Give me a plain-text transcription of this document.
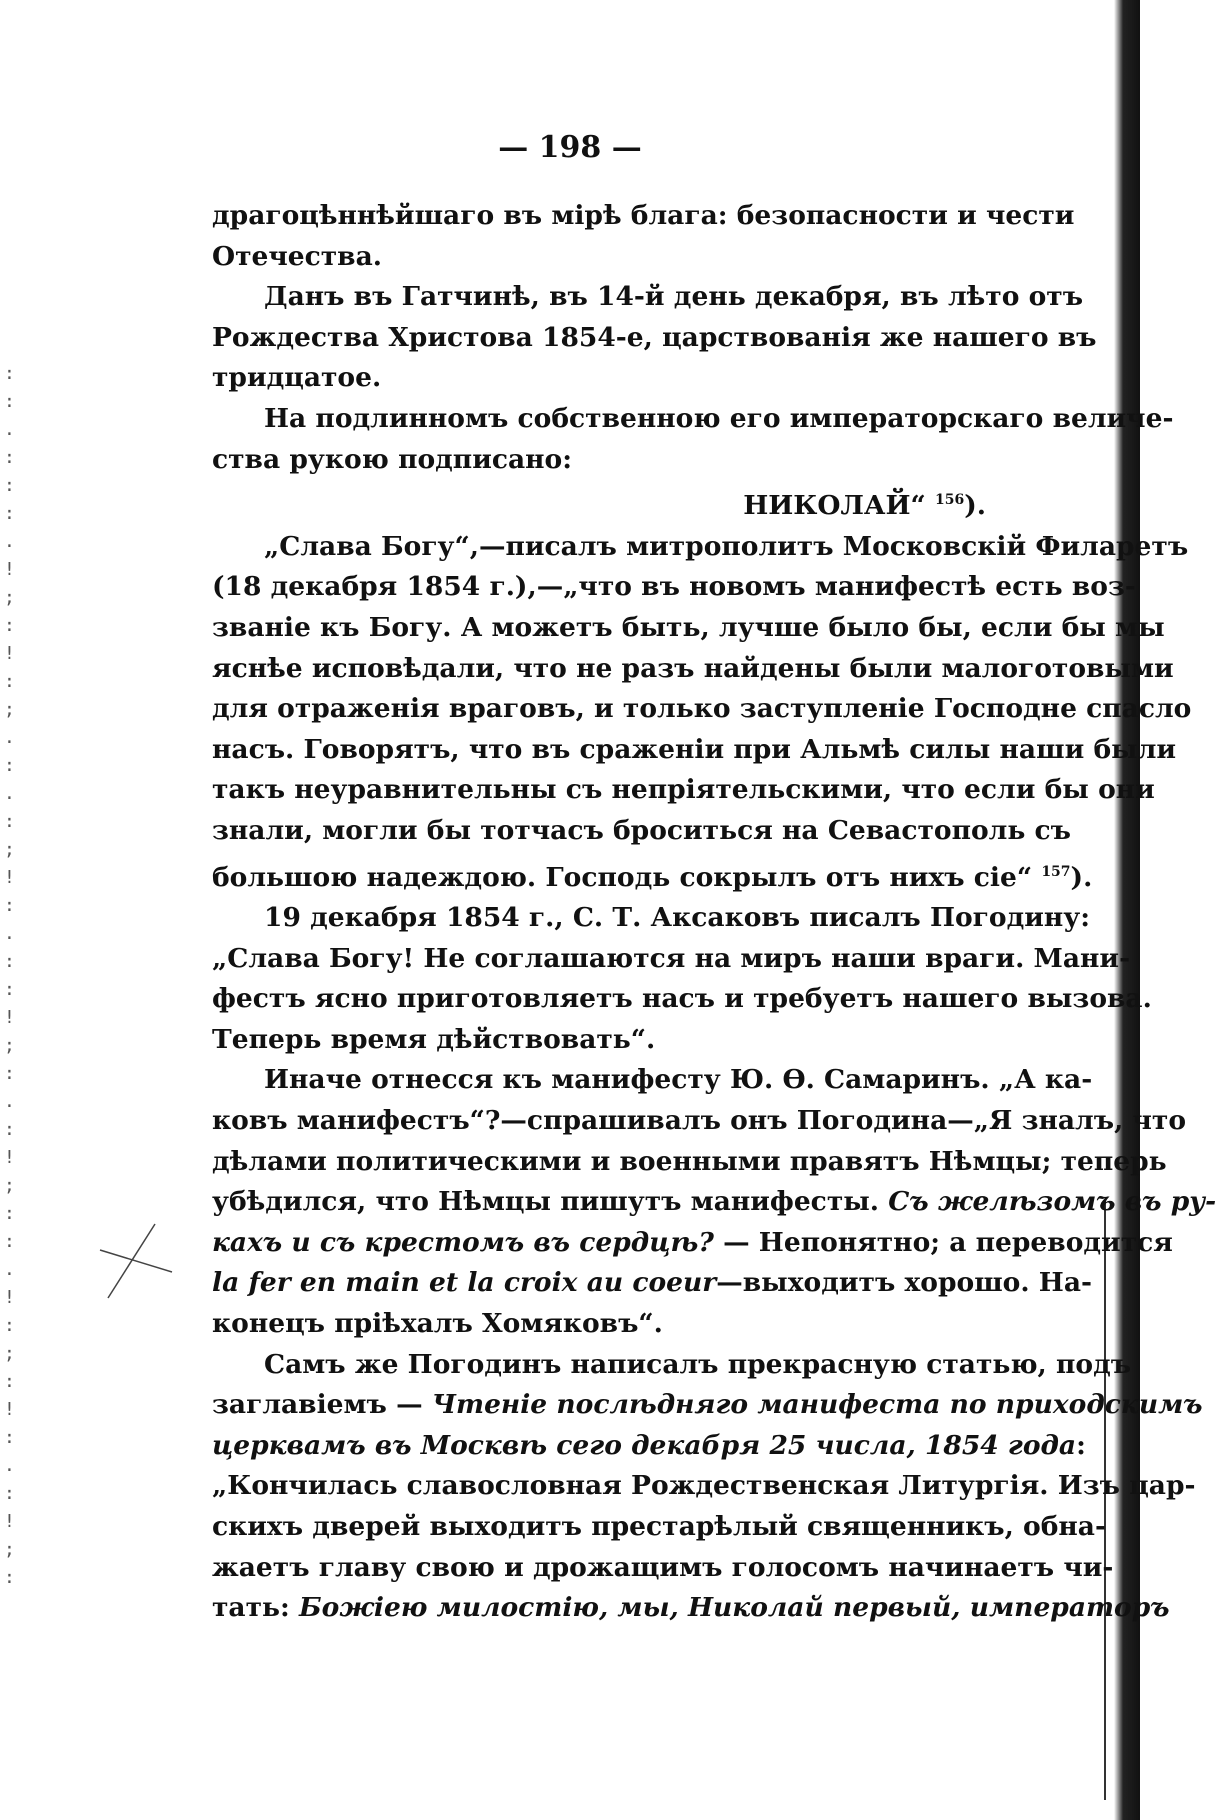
:
:
.
:
:
:
.
!
;
:
!
:
;
.
:
.
:
;
!
:
.
:
:
!
;
:
.
:
!
;
:
:
.
!
:
;
:
!
:
.
:
!
;
:
— 198 —
драгоцѣннѣйшаго въ мірѣ блага: безопасности и чести
Отечества.
Данъ въ Гатчинѣ, въ 14-й день декабря, въ лѣто отъ
Рождества Христова 1854-е, царствованія же нашего въ
тридцатое.
На подлинномъ собственною его императорскаго величе-
ства рукою подписано:
НИКОЛАЙ“ $^{156}$).
„Слава Богу“,—писалъ митрополитъ Московскій Филаретъ
(18 декабря 1854 г.),—„что въ новомъ манифестѣ есть воз-
званіе къ Богу. А можетъ быть, лучше было бы, если бы мы
яснѣе исповѣдали, что не разъ найдены были малоготовыми
для отраженія враговъ, и только заступленіе Господне спасло
насъ. Говорятъ, что въ сраженіи при Альмѣ силы наши были
такъ неуравнительны съ непріятельскими, что если бы они
знали, могли бы тотчасъ броситься на Севастополь съ
большою надеждою. Господь сокрылъ отъ нихъ сіе“ $^{157}$).
19 декабря 1854 г., С. Т. Аксаковъ писалъ Погодину:
„Слава Богу! Не соглашаются на миръ наши враги. Мани-
фестъ ясно приготовляетъ насъ и требуетъ нашего вызова.
Теперь время дѣйствовать“.
Иначе отнесся къ манифесту Ю. Ѳ. Самаринъ. „А ка-
ковъ манифестъ“?—спрашивалъ онъ Погодина—„Я зналъ, что
дѣлами политическими и военными правятъ Нѣмцы; теперь
убѣдился, что Нѣмцы пишутъ манифесты. Съ желѣзомъ въ ру-
кахъ и съ крестомъ въ сердцѣ? — Непонятно; а переводится
la fer en main et la croix au coeur—выходитъ хорошо. На-
конецъ пріѣхалъ Хомяковъ“.
Самъ же Погодинъ написалъ прекрасную статью, подъ
заглавіемъ — Чтеніе послѣдняго манифеста по приходскимъ
церквамъ въ Москвѣ сего декабря 25 числа, 1854 года:
„Кончилась славословная Рождественская Литургія. Изъ цар-
скихъ дверей выходитъ престарѣлый священникъ, обна-
жаетъ главу свою и дрожащимъ голосомъ начинаетъ чи-
тать: Божіею милостію, мы, Николай первый, императоръ
